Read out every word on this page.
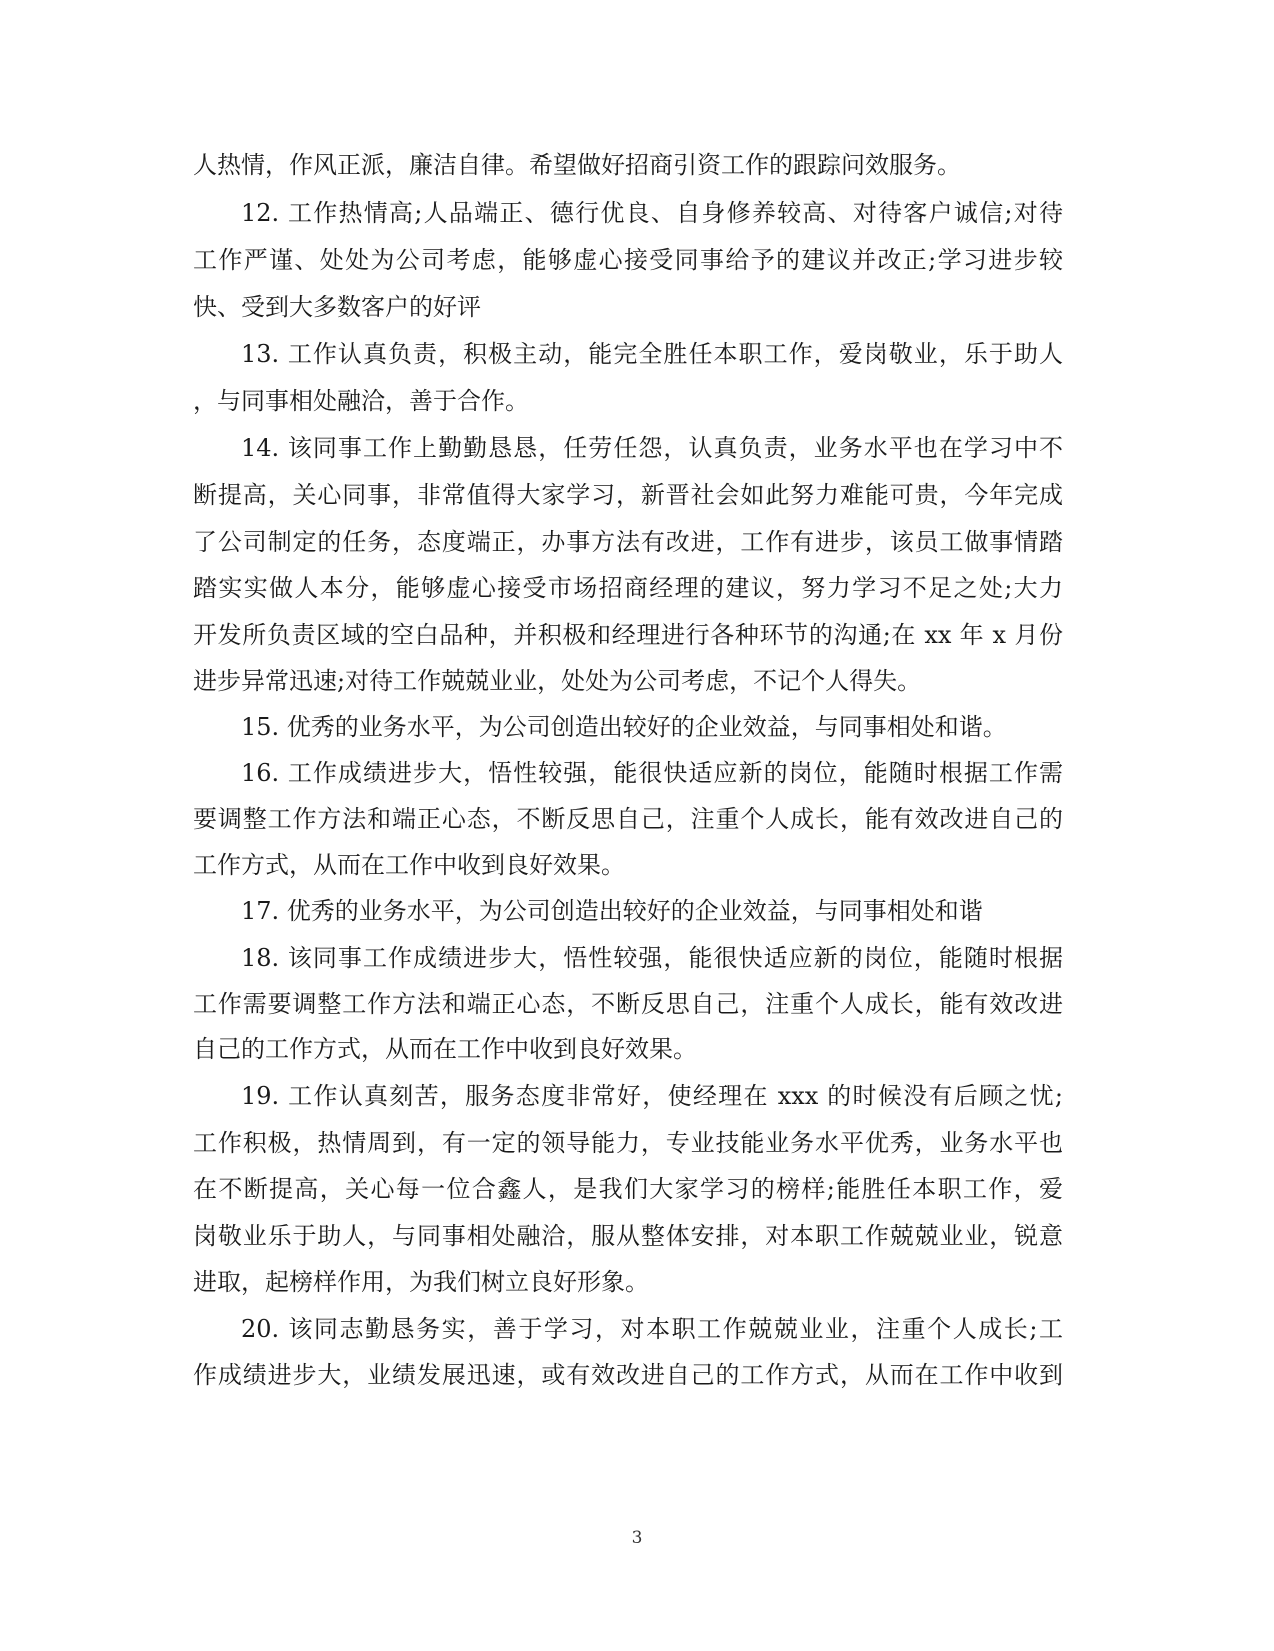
人热情，作风正派，廉洁自律。希望做好招商引资工作的跟踪问效服务。
12. 工作热情高;人品端正、德行优良、自身修养较高、对待客户诚信;对待
工作严谨、处处为公司考虑，能够虚心接受同事给予的建议并改正;学习进步较
快、受到大多数客户的好评
13. 工作认真负责，积极主动，能完全胜任本职工作，爱岗敬业，乐于助人
，与同事相处融洽，善于合作。
14. 该同事工作上勤勤恳恳，任劳任怨，认真负责，业务水平也在学习中不
断提高，关心同事，非常值得大家学习，新晋社会如此努力难能可贵，今年完成
了公司制定的任务，态度端正，办事方法有改进，工作有进步，该员工做事情踏
踏实实做人本分，能够虚心接受市场招商经理的建议，努力学习不足之处;大力
开发所负责区域的空白品种，并积极和经理进行各种环节的沟通;在 xx 年 x 月份
进步异常迅速;对待工作兢兢业业，处处为公司考虑，不记个人得失。
15. 优秀的业务水平，为公司创造出较好的企业效益，与同事相处和谐。
16. 工作成绩进步大，悟性较强，能很快适应新的岗位，能随时根据工作需
要调整工作方法和端正心态，不断反思自己，注重个人成长，能有效改进自己的
工作方式，从而在工作中收到良好效果。
17. 优秀的业务水平，为公司创造出较好的企业效益，与同事相处和谐
18. 该同事工作成绩进步大，悟性较强，能很快适应新的岗位，能随时根据
工作需要调整工作方法和端正心态，不断反思自己，注重个人成长，能有效改进
自己的工作方式，从而在工作中收到良好效果。
19. 工作认真刻苦，服务态度非常好，使经理在 xxx 的时候没有后顾之忧;
工作积极，热情周到，有一定的领导能力，专业技能业务水平优秀，业务水平也
在不断提高，关心每一位合鑫人，是我们大家学习的榜样;能胜任本职工作，爱
岗敬业乐于助人，与同事相处融洽，服从整体安排，对本职工作兢兢业业，锐意
进取，起榜样作用，为我们树立良好形象。
20. 该同志勤恳务实，善于学习，对本职工作兢兢业业，注重个人成长;工
作成绩进步大，业绩发展迅速，或有效改进自己的工作方式，从而在工作中收到
3
